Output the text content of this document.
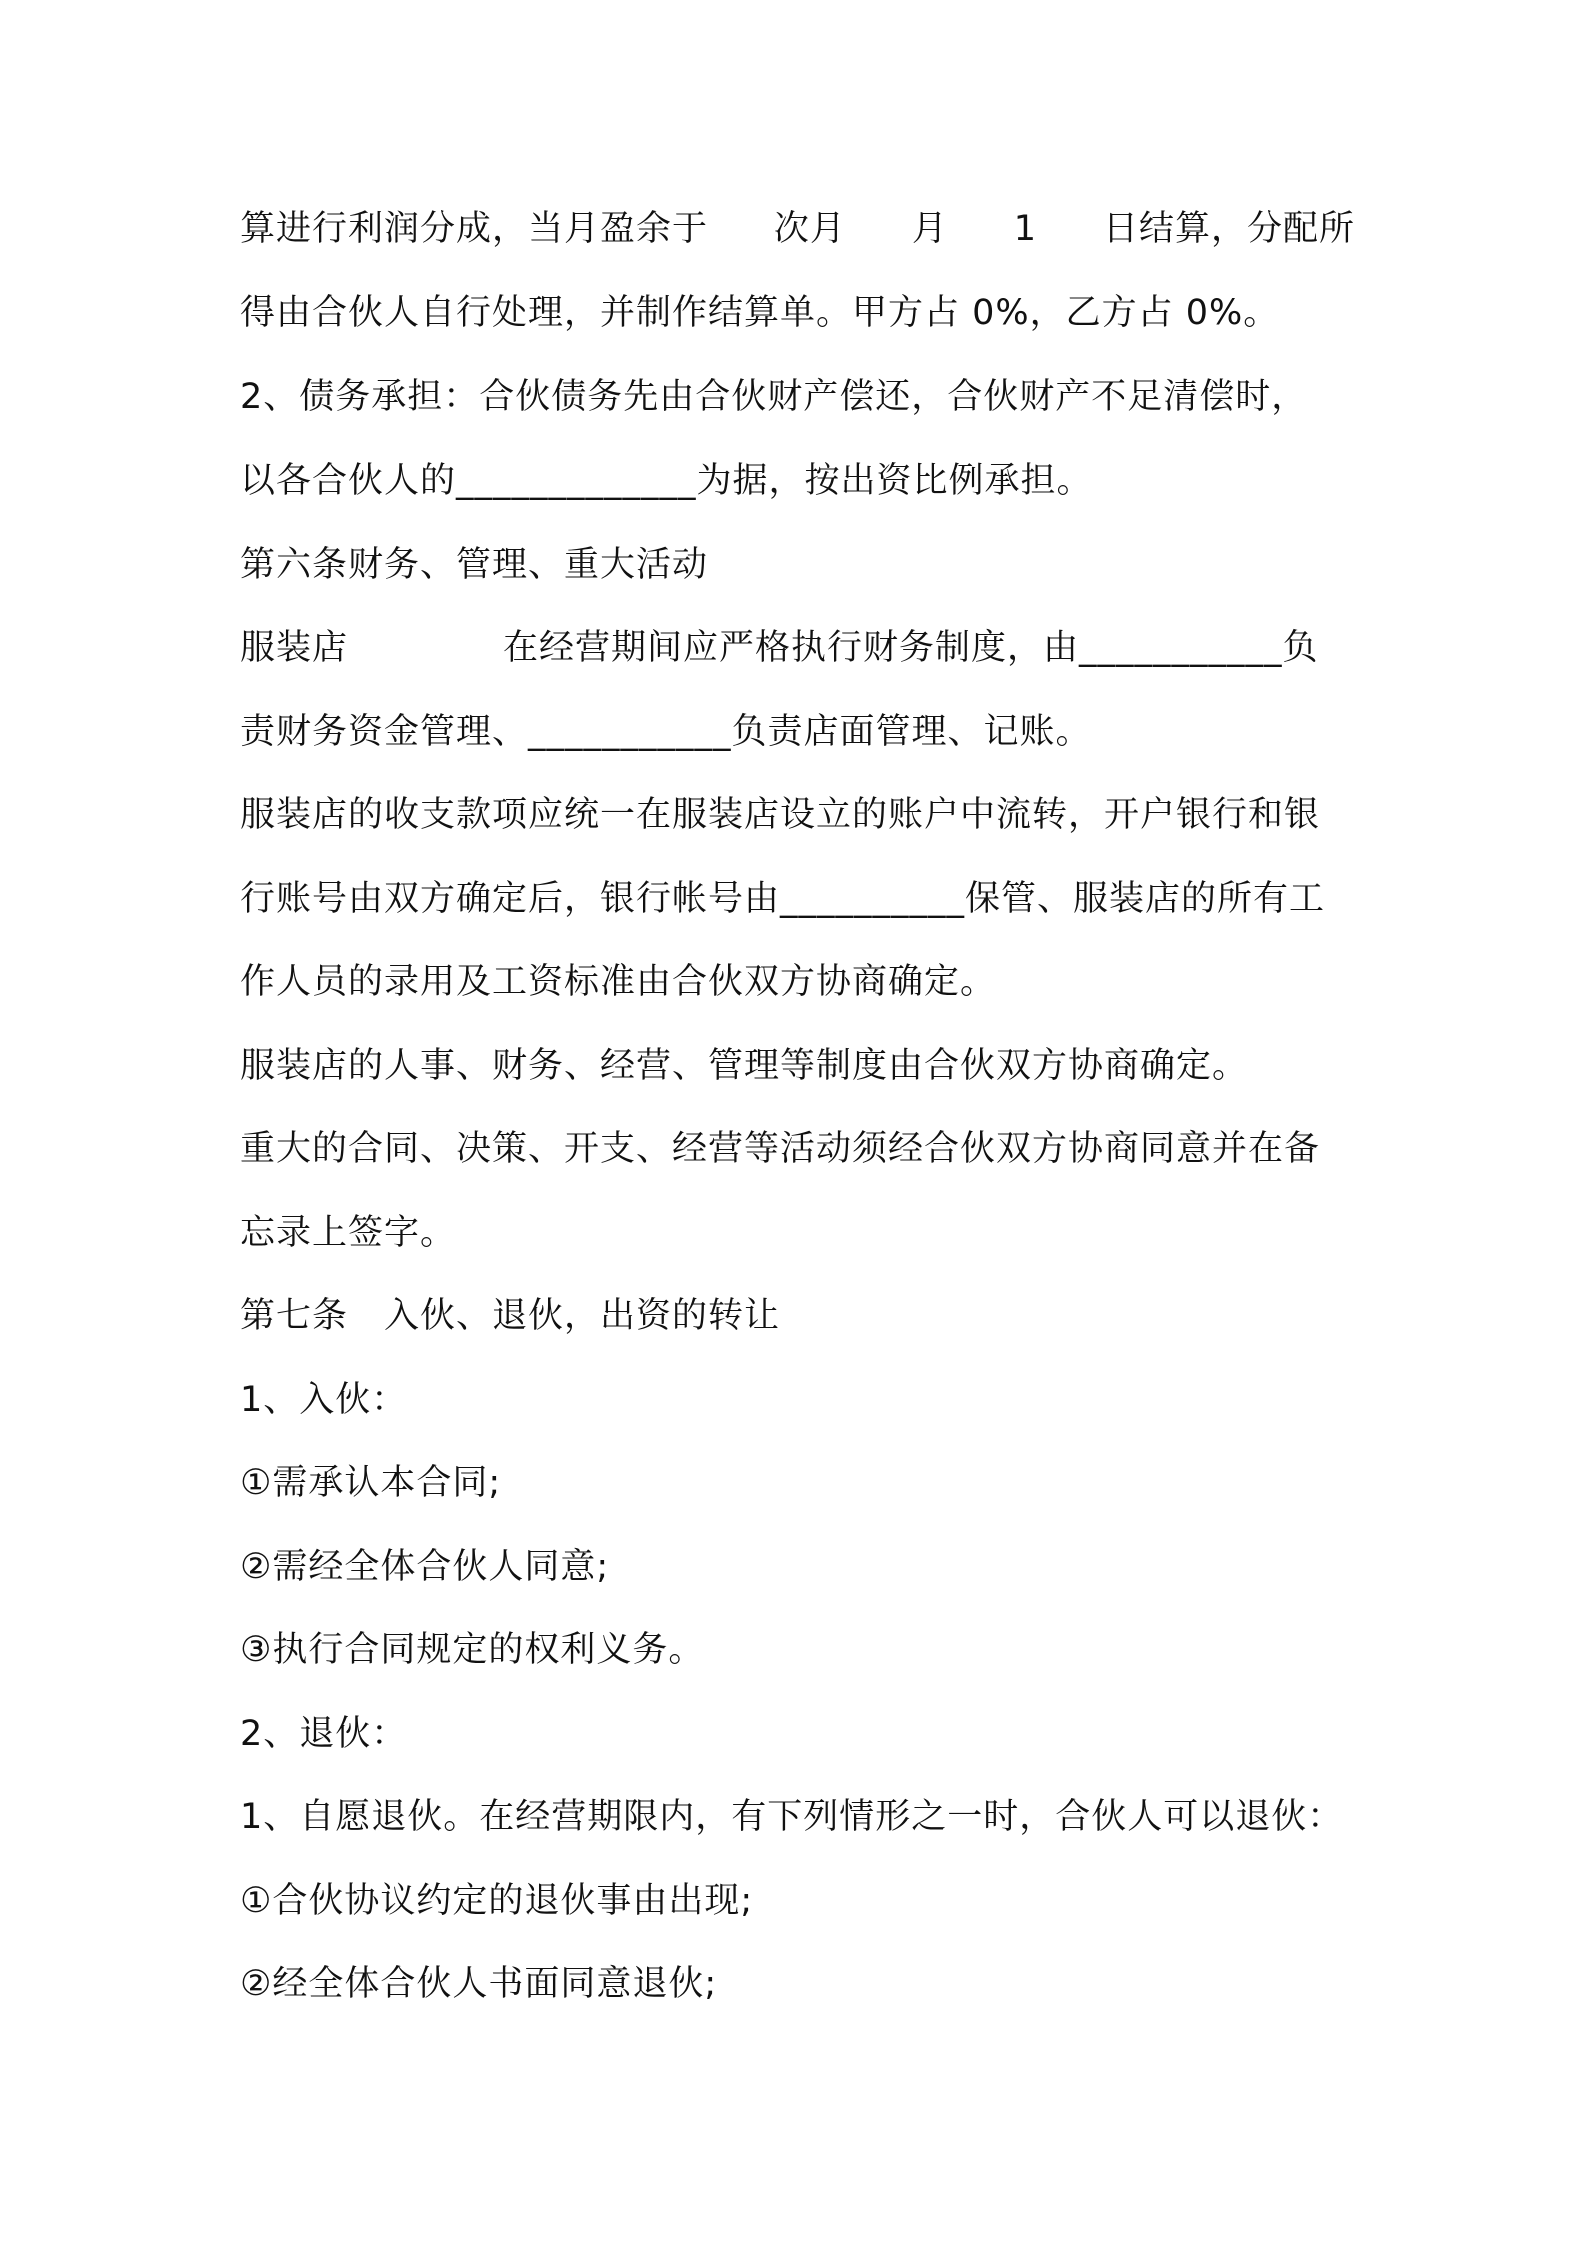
算进行利润分成，当月盈余于 次月 月 1 日结算，分配所
得由合伙人自行处理，并制作结算单。甲方占 0%，乙方占 0%。
2、债务承担：合伙债务先由合伙财产偿还，合伙财产不足清偿时，
以各合伙人的_____________为据，按出资比例承担。
第六条财务、管理、重大活动
服装店	在经营期间应严格执行财务制度，由___________负
责财务资金管理、___________负责店面管理、记账。
服装店的收支款项应统一在服装店设立的账户中流转，开户银行和银
行账号由双方确定后，银行帐号由__________保管、服装店的所有工
作人员的录用及工资标准由合伙双方协商确定。
服装店的人事、财务、经营、管理等制度由合伙双方协商确定。
重大的合同、决策、开支、经营等活动须经合伙双方协商同意并在备
忘录上签字。
第七条　入伙、退伙，出资的转让
1、入伙：
①需承认本合同;
②需经全体合伙人同意;
③执行合同规定的权利义务。
2、退伙：
1、自愿退伙。在经营期限内，有下列情形之一时，合伙人可以退伙：
①合伙协议约定的退伙事由出现;
②经全体合伙人书面同意退伙;
